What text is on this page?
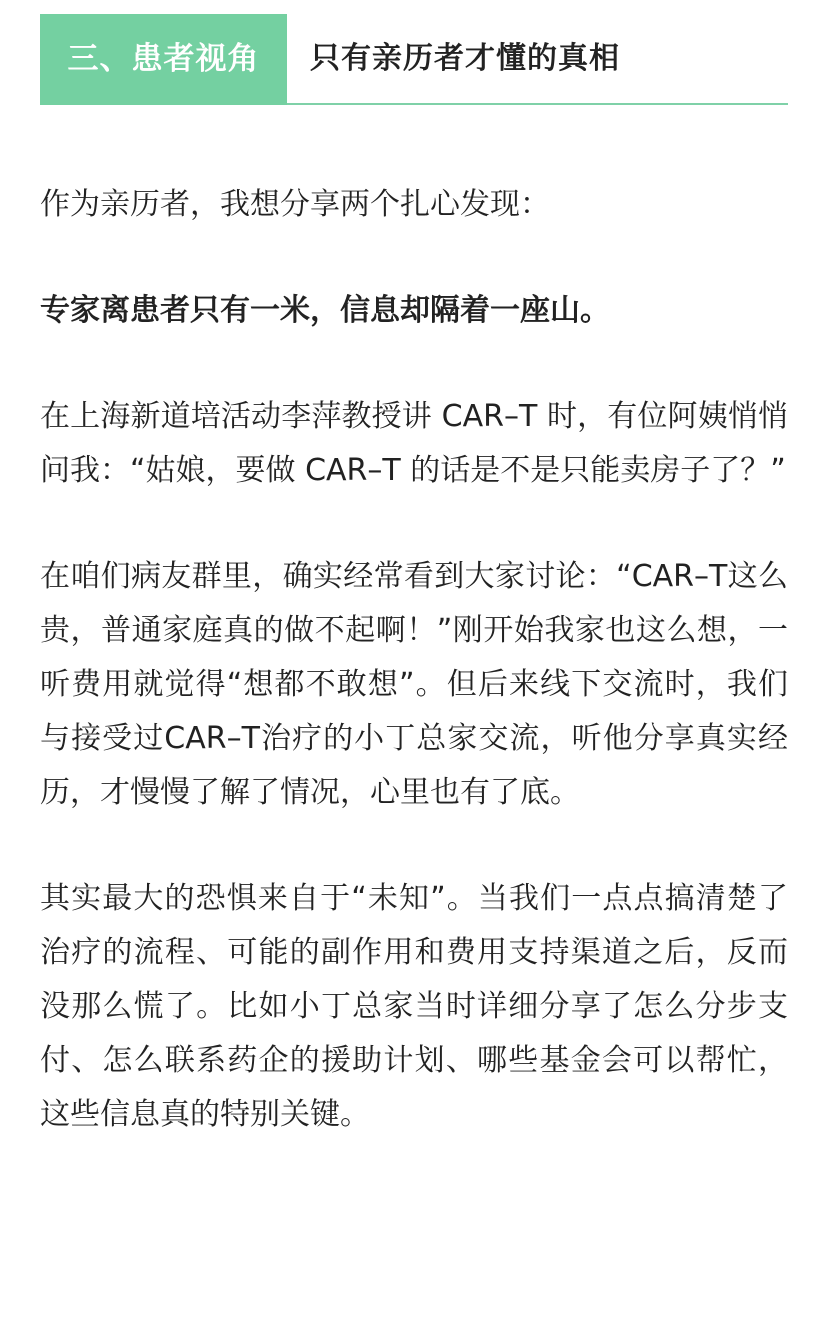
三、患者视角	只有亲历者才懂的真相

作为亲历者，我想分享两个扎心发现：

专家离患者只有一米，信息却隔着一座山。

在上海新道培活动李萍教授讲 CAR–T 时，有位阿姨悄悄问我：“姑娘，要做 CAR–T 的话是不是只能卖房子了？”

在咱们病友群里，确实经常看到大家讨论：“CAR–T这么贵，普通家庭真的做不起啊！”刚开始我家也这么想，一听费用就觉得“想都不敢想”。但后来线下交流时，我们与接受过CAR–T治疗的小丁总家交流，听他分享真实经历，才慢慢了解了情况，心里也有了底。

其实最大的恐惧来自于“未知”。当我们一点点搞清楚了治疗的流程、可能的副作用和费用支持渠道之后，反而没那么慌了。比如小丁总家当时详细分享了怎么分步支付、怎么联系药企的援助计划、哪些基金会可以帮忙，这些信息真的特别关键。
